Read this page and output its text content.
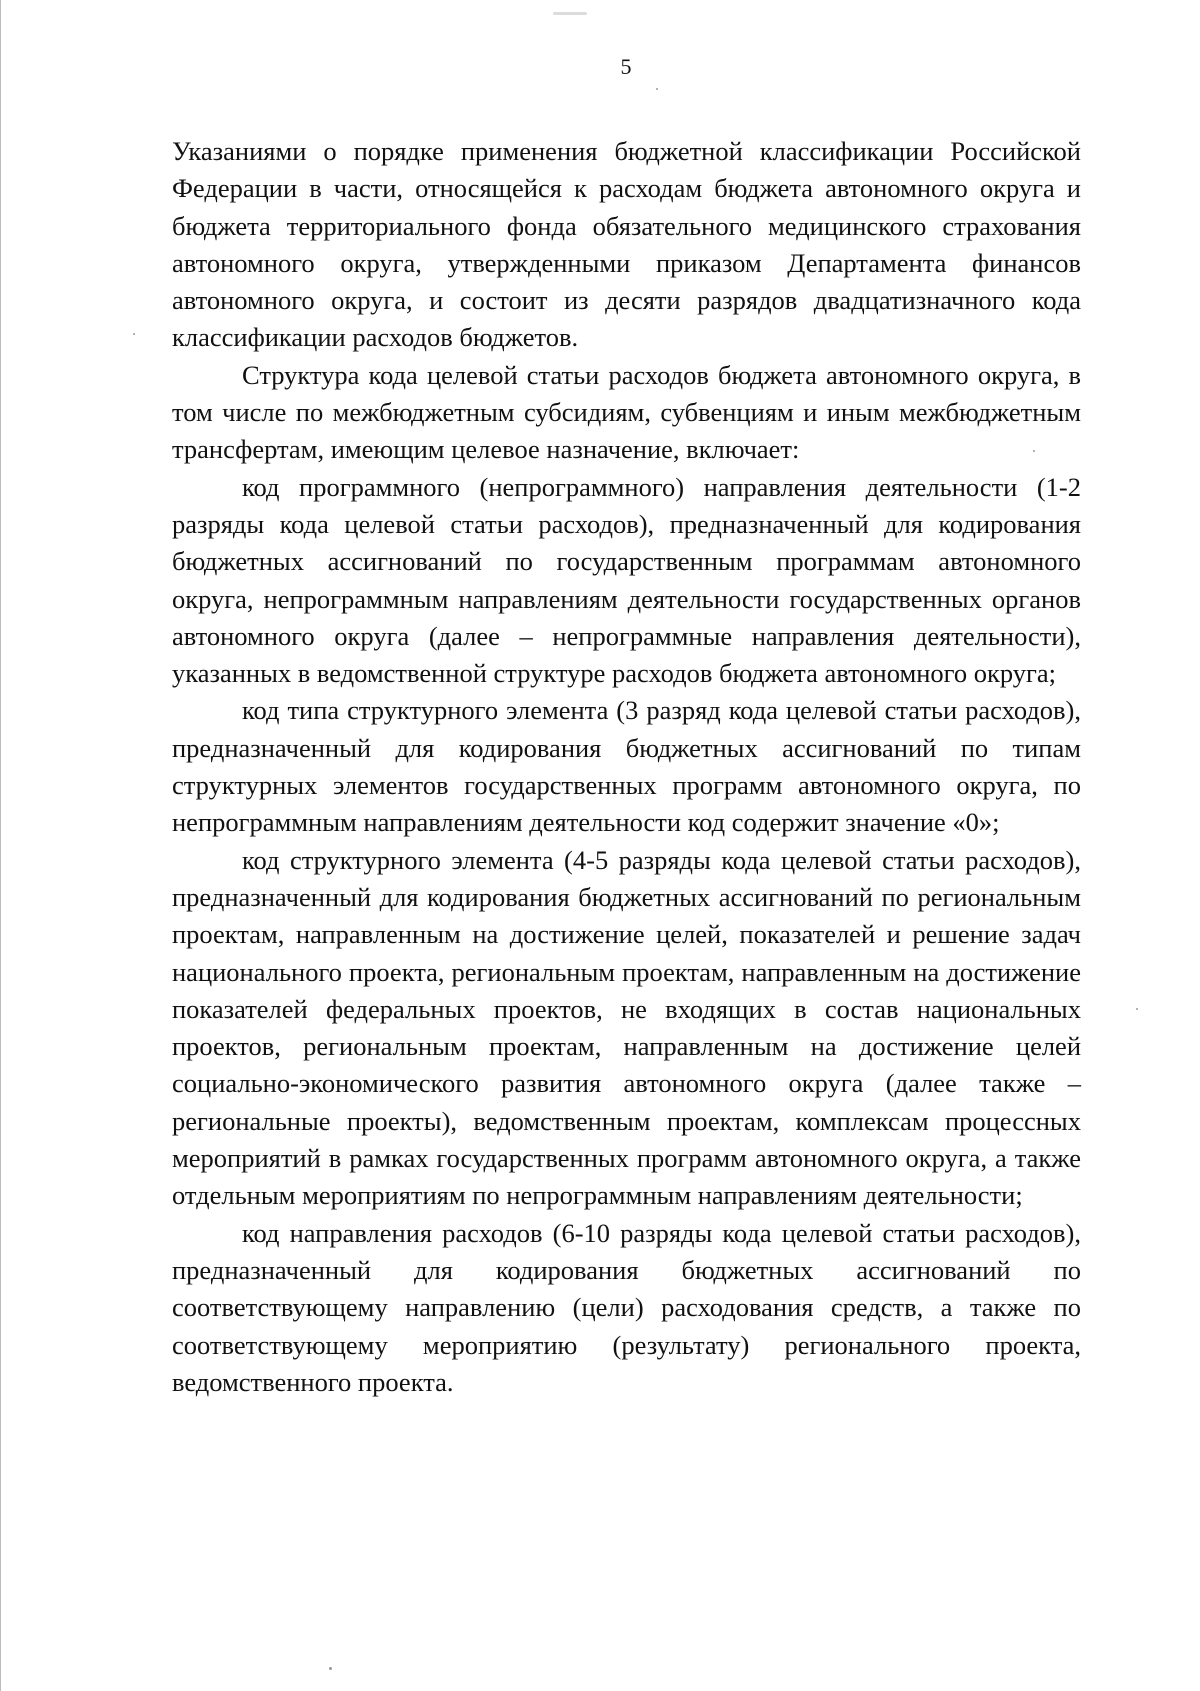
5

Указаниями о порядке применения бюджетной классификации Российской Федерации в части, относящейся к расходам бюджета автономного округа и бюджета территориального фонда обязательного медицинского страхования автономного округа, утвержденными приказом Департамента финансов автономного округа, и состоит из десяти разрядов двадцатизначного кода классификации расходов бюджетов.

Структура кода целевой статьи расходов бюджета автономного округа, в том числе по межбюджетным субсидиям, субвенциям и иным межбюджетным трансфертам, имеющим целевое назначение, включает:

код программного (непрограммного) направления деятельности (1-2 разряды кода целевой статьи расходов), предназначенный для кодирования бюджетных ассигнований по государственным программам автономного округа, непрограммным направлениям деятельности государственных органов автономного округа (далее – непрограммные направления деятельности), указанных в ведомственной структуре расходов бюджета автономного округа;

код типа структурного элемента (3 разряд кода целевой статьи расходов), предназначенный для кодирования бюджетных ассигнований по типам структурных элементов государственных программ автономного округа, по непрограммным направлениям деятельности код содержит значение «0»;

код структурного элемента (4-5 разряды кода целевой статьи расходов), предназначенный для кодирования бюджетных ассигнований по региональным проектам, направленным на достижение целей, показателей и решение задач национального проекта, региональным проектам, направленным на достижение показателей федеральных проектов, не входящих в состав национальных проектов, региональным проектам, направленным на достижение целей социально-экономического развития автономного округа (далее также – региональные проекты), ведомственным проектам, комплексам процессных мероприятий в рамках государственных программ автономного округа, а также отдельным мероприятиям по непрограммным направлениям деятельности;

код направления расходов (6-10 разряды кода целевой статьи расходов), предназначенный для кодирования бюджетных ассигнований по соответствующему направлению (цели) расходования средств, а также по соответствующему мероприятию (результату) регионального проекта, ведомственного проекта.
